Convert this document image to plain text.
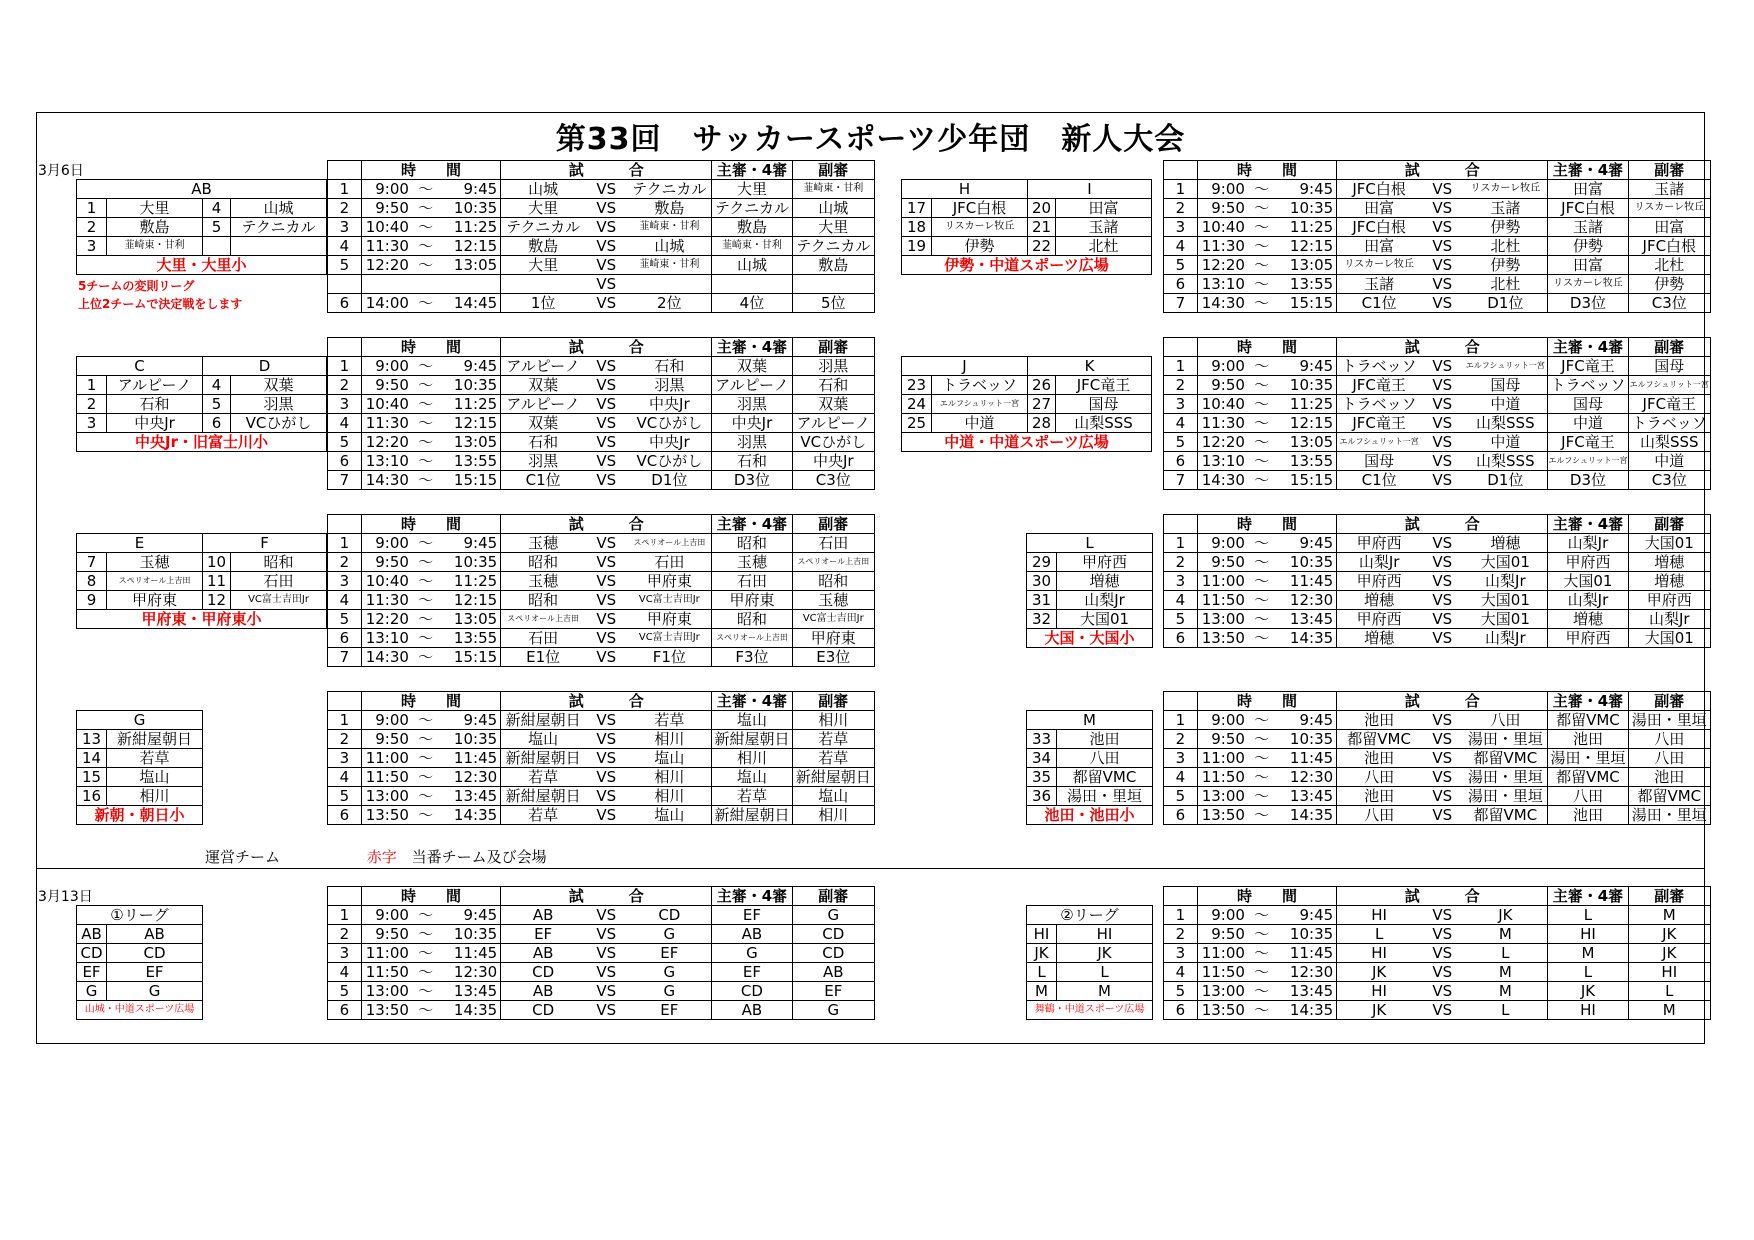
第33回　サッカースポーツ少年団　新人大会
3月6日
3月13日
運営チーム	赤字 当番チーム及び会場
	時　　間			試　　　合			主審・4審	副審
1	9:00	～	9:45	山城	VS	テクニカル	大里	韮崎東・甘利
2	9:50	～	10:35	大里	VS	敷島	テクニカル	山城
3	10:40	～	11:25	テクニカル	VS	韮崎東・甘利	敷島	大里
4	11:30	～	12:15	敷島	VS	山城	韮崎東・甘利	テクニカル
5	12:20	～	13:05	大里	VS	韮崎東・甘利	山城	敷島
					VS			
6	14:00	～	14:45	1位	VS	2位	4位	5位
	時　　間			試　　　合			主審・4審	副審
1	9:00	～	9:45	アルピーノ	VS	石和	双葉	羽黒
2	9:50	～	10:35	双葉	VS	羽黒	アルピーノ	石和
3	10:40	～	11:25	アルピーノ	VS	中央Jr	羽黒	双葉
4	11:30	～	12:15	双葉	VS	VCひがし	中央Jr	アルピーノ
5	12:20	～	13:05	石和	VS	中央Jr	羽黒	VCひがし
6	13:10	～	13:55	羽黒	VS	VCひがし	石和	中央Jr
7	14:30	～	15:15	C1位	VS	D1位	D3位	C3位
	時　　間			試　　　合			主審・4審	副審
1	9:00	～	9:45	玉穂	VS	スペリオール上吉田	昭和	石田
2	9:50	～	10:35	昭和	VS	石田	玉穂	スペリオール上吉田
3	10:40	～	11:25	玉穂	VS	甲府東	石田	昭和
4	11:30	～	12:15	昭和	VS	VC富士吉田Jr	甲府東	玉穂
5	12:20	～	13:05	スペリオール上吉田	VS	甲府東	昭和	VC富士吉田Jr
6	13:10	～	13:55	石田	VS	VC富士吉田Jr	スペリオール上吉田	甲府東
7	14:30	～	15:15	E1位	VS	F1位	F3位	E3位
	時　　間			試　　　合			主審・4審	副審
1	9:00	～	9:45	新紺屋朝日	VS	若草	塩山	相川
2	9:50	～	10:35	塩山	VS	相川	新紺屋朝日	若草
3	11:00	～	11:45	新紺屋朝日	VS	塩山	相川	若草
4	11:50	～	12:30	若草	VS	相川	塩山	新紺屋朝日
5	13:00	～	13:45	新紺屋朝日	VS	相川	若草	塩山
6	13:50	～	14:35	若草	VS	塩山	新紺屋朝日	相川
	時　　間			試　　　合			主審・4審	副審
1	9:00	～	9:45	JFC白根	VS	リスカーレ牧丘	田富	玉諸
2	9:50	～	10:35	田富	VS	玉諸	JFC白根	リスカーレ牧丘
3	10:40	～	11:25	JFC白根	VS	伊勢	玉諸	田富
4	11:30	～	12:15	田富	VS	北杜	伊勢	JFC白根
5	12:20	～	13:05	リスカーレ牧丘	VS	伊勢	田富	北杜
6	13:10	～	13:55	玉諸	VS	北杜	リスカーレ牧丘	伊勢
7	14:30	～	15:15	C1位	VS	D1位	D3位	C3位
	時　　間			試　　　合			主審・4審	副審
1	9:00	～	9:45	トラベッソ	VS	エルフシュリット一宮	JFC竜王	国母
2	9:50	～	10:35	JFC竜王	VS	国母	トラベッソ	エルフシュリット一宮
3	10:40	～	11:25	トラベッソ	VS	中道	国母	JFC竜王
4	11:30	～	12:15	JFC竜王	VS	山梨SSS	中道	トラベッソ
5	12:20	～	13:05	エルフシュリット一宮	VS	中道	JFC竜王	山梨SSS
6	13:10	～	13:55	国母	VS	山梨SSS	エルフシュリット一宮	中道
7	14:30	～	15:15	C1位	VS	D1位	D3位	C3位
	時　　間			試　　　合			主審・4審	副審
1	9:00	～	9:45	甲府西	VS	増穂	山梨Jr	大国01
2	9:50	～	10:35	山梨Jr	VS	大国01	甲府西	増穂
3	11:00	～	11:45	甲府西	VS	山梨Jr	大国01	増穂
4	11:50	～	12:30	増穂	VS	大国01	山梨Jr	甲府西
5	13:00	～	13:45	甲府西	VS	大国01	増穂	山梨Jr
6	13:50	～	14:35	増穂	VS	山梨Jr	甲府西	大国01
	時　　間			試　　　合			主審・4審	副審
1	9:00	～	9:45	池田	VS	八田	都留VMC	湯田・里垣
2	9:50	～	10:35	都留VMC	VS	湯田・里垣	池田	八田
3	11:00	～	11:45	池田	VS	都留VMC	湯田・里垣	八田
4	11:50	～	12:30	八田	VS	湯田・里垣	都留VMC	池田
5	13:00	～	13:45	池田	VS	湯田・里垣	八田	都留VMC
6	13:50	～	14:35	八田	VS	都留VMC	池田	湯田・里垣
	時　　間			試　　　合			主審・4審	副審
1	9:00	～	9:45	AB	VS	CD	EF	G
2	9:50	～	10:35	EF	VS	G	AB	CD
3	11:00	～	11:45	AB	VS	EF	G	CD
4	11:50	～	12:30	CD	VS	G	EF	AB
5	13:00	～	13:45	AB	VS	G	CD	EF
6	13:50	～	14:35	CD	VS	EF	AB	G
	時　　間			試　　　合			主審・4審	副審
1	9:00	～	9:45	HI	VS	JK	L	M
2	9:50	～	10:35	L	VS	M	HI	JK
3	11:00	～	11:45	HI	VS	L	M	JK
4	11:50	～	12:30	JK	VS	M	L	HI
5	13:00	～	13:45	HI	VS	M	JK	L
6	13:50	～	14:35	JK	VS	L	HI	M
AB			
1	大里	4	山城
2	敷島	5	テクニカル
3	韮崎東・甘利		
大里・大里小			
5チームの変則リーグ
上位2チームで決定戦をします
C		D	
1	アルピーノ	4	双葉
2	石和	5	羽黒
3	中央Jr	6	VCひがし
中央Jr・旧富士川小			
E		F	
7	玉穂	10	昭和
8	スペリオール上吉田	11	石田
9	甲府東	12	VC富士吉田Jr
甲府東・甲府東小			
G	
13	新紺屋朝日
14	若草
15	塩山
16	相川
新朝・朝日小	
H		I	
17	JFC白根	20	田富
18	リスカーレ牧丘	21	玉諸
19	伊勢	22	北杜
伊勢・中道スポーツ広場			
J		K	
23	トラベッソ	26	JFC竜王
24	エルフシュリット一宮	27	国母
25	中道	28	山梨SSS
中道・中道スポーツ広場			
L	
29	甲府西
30	増穂
31	山梨Jr
32	大国01
大国・大国小	
M	
33	池田
34	八田
35	都留VMC
36	湯田・里垣
池田・池田小	
①リーグ	
AB	AB
CD	CD
EF	EF
G	G
山城・中道スポーツ広場	
②リーグ	
HI	HI
JK	JK
L	L
M	M
舞鶴・中道スポーツ広場	
